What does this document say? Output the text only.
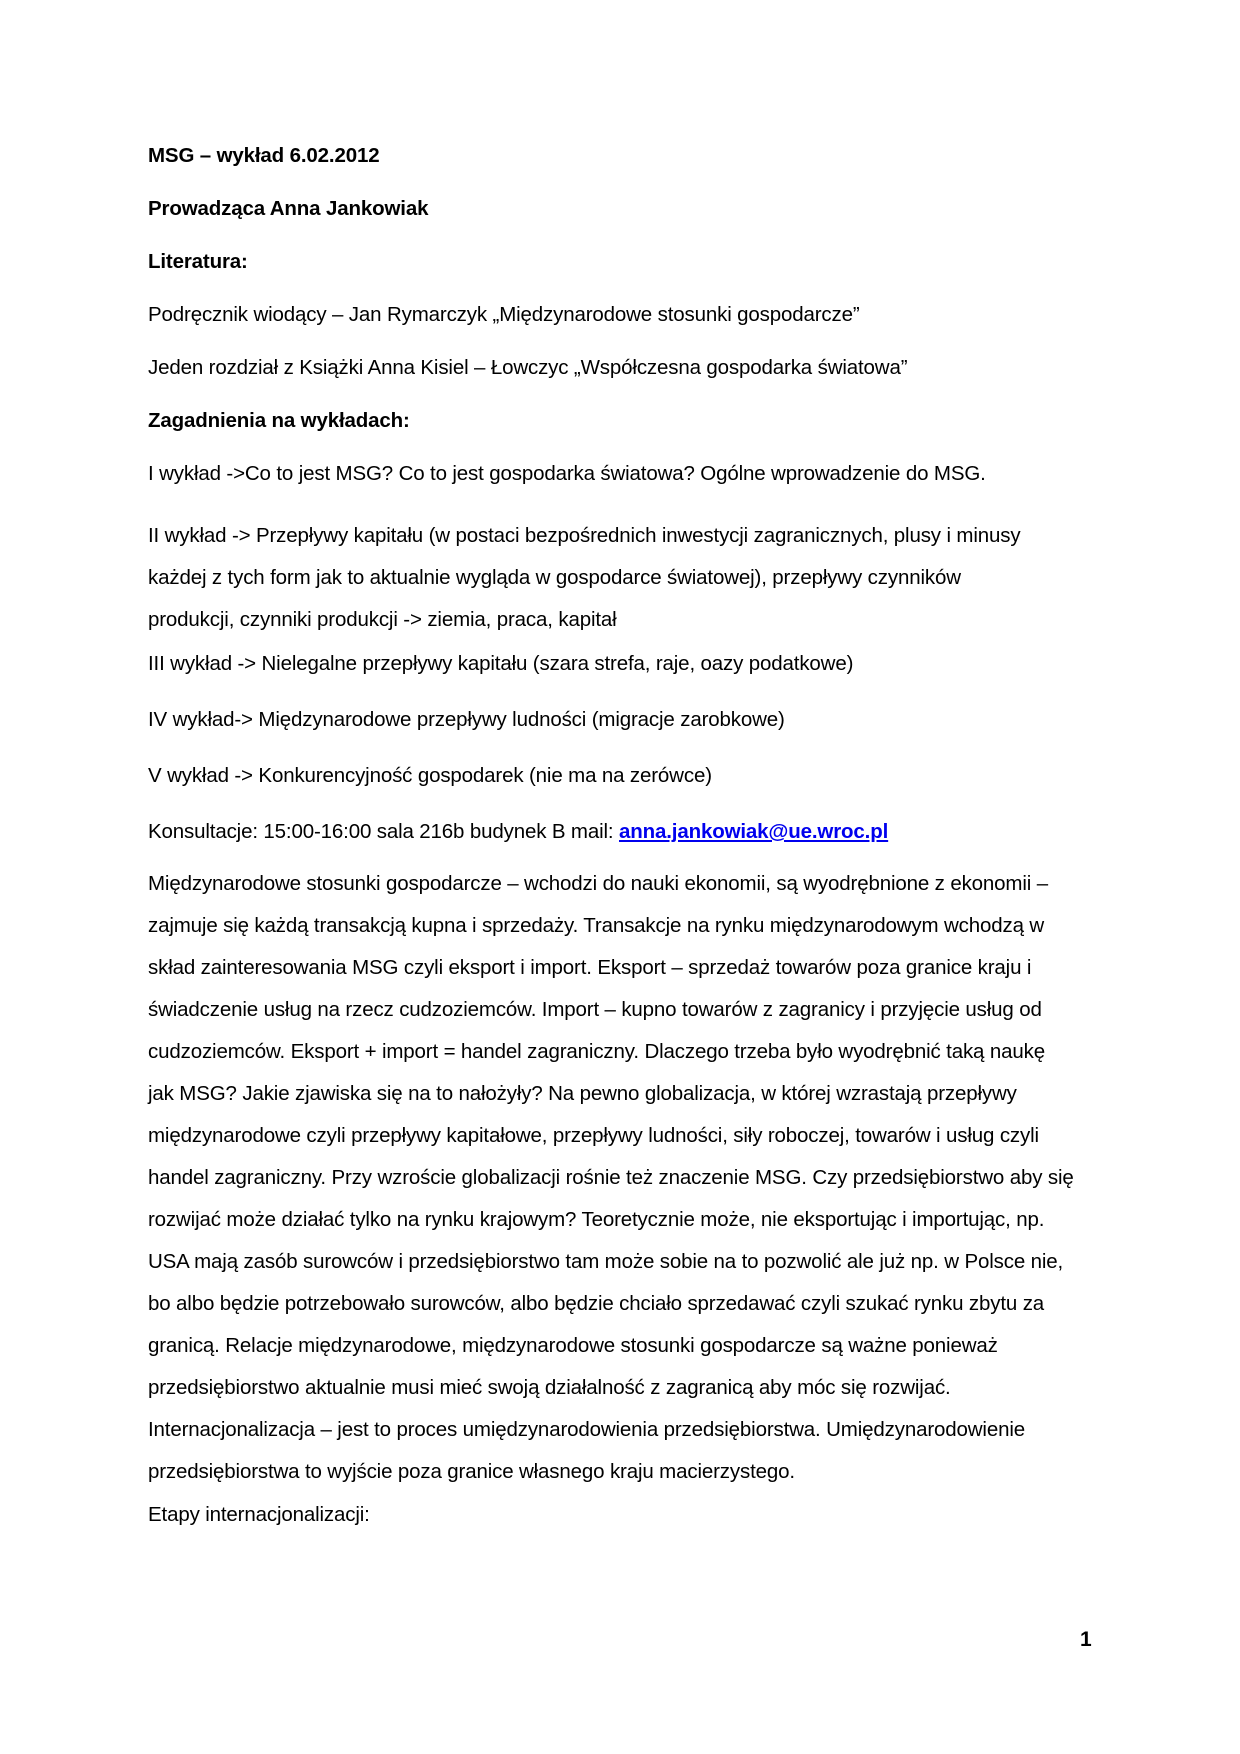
MSG – wykład 6.02.2012

Prowadząca Anna Jankowiak

Literatura:

Podręcznik wiodący – Jan Rymarczyk „Międzynarodowe stosunki gospodarcze”

Jeden rozdział z Książki Anna Kisiel – Łowczyc „Współczesna gospodarka światowa”

Zagadnienia na wykładach:

I wykład ->Co to jest MSG? Co to jest gospodarka światowa? Ogólne wprowadzenie do MSG.

II wykład -> Przepływy kapitału (w postaci bezpośrednich inwestycji zagranicznych, plusy i minusy
każdej z tych form jak to aktualnie wygląda w gospodarce światowej), przepływy czynników
produkcji, czynniki produkcji -> ziemia, praca, kapitał

III wykład -> Nielegalne przepływy kapitału (szara strefa, raje, oazy podatkowe)

IV wykład-> Międzynarodowe przepływy ludności (migracje zarobkowe)

V wykład -> Konkurencyjność gospodarek (nie ma na zerówce)

Konsultacje: 15:00-16:00 sala 216b budynek B mail: anna.jankowiak@ue.wroc.pl

Międzynarodowe stosunki gospodarcze – wchodzi do nauki ekonomii, są wyodrębnione z ekonomii –
zajmuje się każdą transakcją kupna i sprzedaży. Transakcje na rynku międzynarodowym wchodzą w
skład zainteresowania MSG czyli eksport i import. Eksport – sprzedaż towarów poza granice kraju i
świadczenie usług na rzecz cudzoziemców. Import – kupno towarów z zagranicy i przyjęcie usług od
cudzoziemców. Eksport + import = handel zagraniczny. Dlaczego trzeba było wyodrębnić taką naukę
jak MSG? Jakie zjawiska się na to nałożyły? Na pewno globalizacja, w której wzrastają przepływy
międzynarodowe czyli przepływy kapitałowe, przepływy ludności, siły roboczej, towarów i usług czyli
handel zagraniczny. Przy wzroście globalizacji rośnie też znaczenie MSG. Czy przedsiębiorstwo aby się
rozwijać może działać tylko na rynku krajowym? Teoretycznie może, nie eksportując i importując, np.
USA mają zasób surowców i przedsiębiorstwo tam może sobie na to pozwolić ale już np. w Polsce nie,
bo albo będzie potrzebowało surowców, albo będzie chciało sprzedawać czyli szukać rynku zbytu za
granicą. Relacje międzynarodowe, międzynarodowe stosunki gospodarcze są ważne ponieważ
przedsiębiorstwo aktualnie musi mieć swoją działalność z zagranicą aby móc się rozwijać.
Internacjonalizacja – jest to proces umiędzynarodowienia przedsiębiorstwa. Umiędzynarodowienie
przedsiębiorstwa to wyjście poza granice własnego kraju macierzystego.

Etapy internacjonalizacji:

1
